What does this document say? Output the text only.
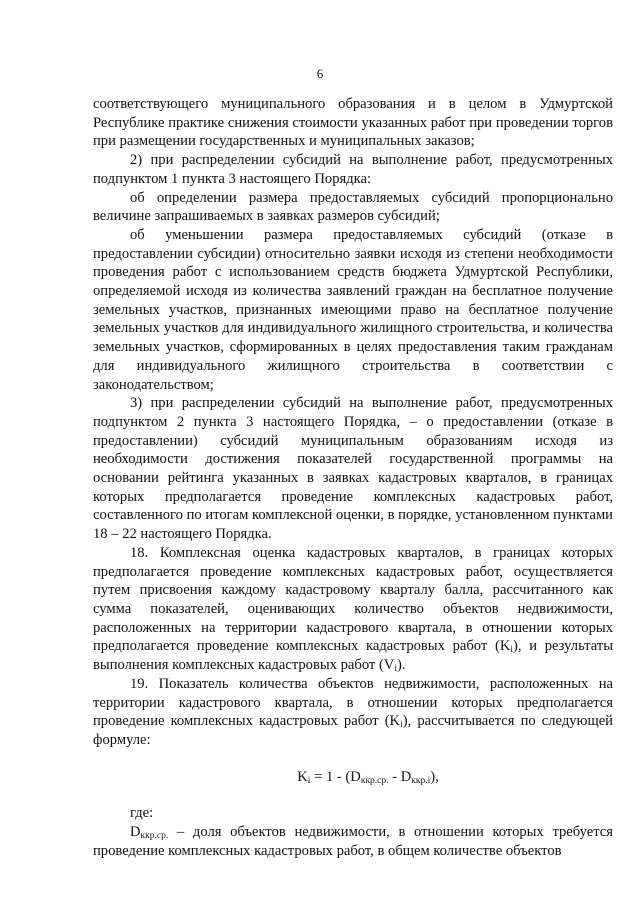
6

соответствующего муниципального образования и в целом в Удмуртской Республике практике снижения стоимости указанных работ при проведении торгов при размещении государственных и муниципальных заказов;

2) при распределении субсидий на выполнение работ, предусмотренных подпунктом 1 пункта 3 настоящего Порядка:

об определении размера предоставляемых субсидий пропорционально величине запрашиваемых в заявках размеров субсидий;

об уменьшении размера предоставляемых субсидий (отказе в предоставлении субсидии) относительно заявки исходя из степени необходимости проведения работ с использованием средств бюджета Удмуртской Республики, определяемой исходя из количества заявлений граждан на бесплатное получение земельных участков, признанных имеющими право на бесплатное получение земельных участков для индивидуального жилищного строительства, и количества земельных участков, сформированных в целях предоставления таким гражданам для индивидуального жилищного строительства в соответствии с законодательством;

3) при распределении субсидий на выполнение работ, предусмотренных подпунктом 2 пункта 3 настоящего Порядка, – о предоставлении (отказе в предоставлении) субсидий муниципальным образованиям исходя из необходимости достижения показателей государственной программы на основании рейтинга указанных в заявках кадастровых кварталов, в границах которых предполагается проведение комплексных кадастровых работ, составленного по итогам комплексной оценки, в порядке, установленном пунктами 18 – 22 настоящего Порядка.

18. Комплексная оценка кадастровых кварталов, в границах которых предполагается проведение комплексных кадастровых работ, осуществляется путем присвоения каждому кадастровому кварталу балла, рассчитанного как сумма показателей, оценивающих количество объектов недвижимости, расположенных на территории кадастрового квартала, в отношении которых предполагается проведение комплексных кадастровых работ $(K_i)$, и результаты выполнения комплексных кадастровых работ $(V_i)$.

19. Показатель количества объектов недвижимости, расположенных на территории кадастрового квартала, в отношении которых предполагается проведение комплексных кадастровых работ $(K_i)$, рассчитывается по следующей формуле:

$K_i = 1 - (D_{ккр.ср.} - D_{ккр.i})$,

где:

$D_{ккр.ср.}$ – доля объектов недвижимости, в отношении которых требуется проведение комплексных кадастровых работ, в общем количестве объектов
